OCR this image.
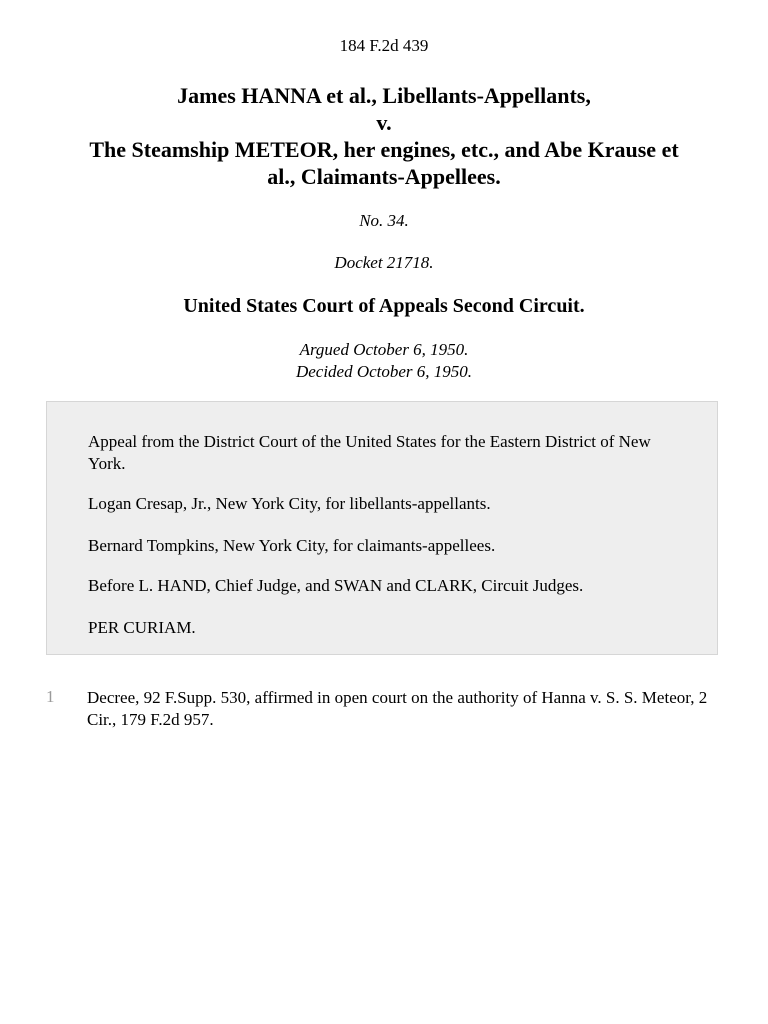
184 F.2d 439
James HANNA et al., Libellants-Appellants,
v.
The Steamship METEOR, her engines, etc., and Abe Krause et
al., Claimants-Appellees.
No. 34.
Docket 21718.
United States Court of Appeals Second Circuit.
Argued October 6, 1950.
Decided October 6, 1950.

Appeal from the District Court of the United States for the Eastern District of New York.

Logan Cresap, Jr., New York City, for libellants-appellants.

Bernard Tompkins, New York City, for claimants-appellees.

Before L. HAND, Chief Judge, and SWAN and CLARK, Circuit Judges.

PER CURIAM.

1 Decree, 92 F.Supp. 530, affirmed in open court on the authority of Hanna v. S. S. Meteor, 2 Cir., 179 F.2d 957.
